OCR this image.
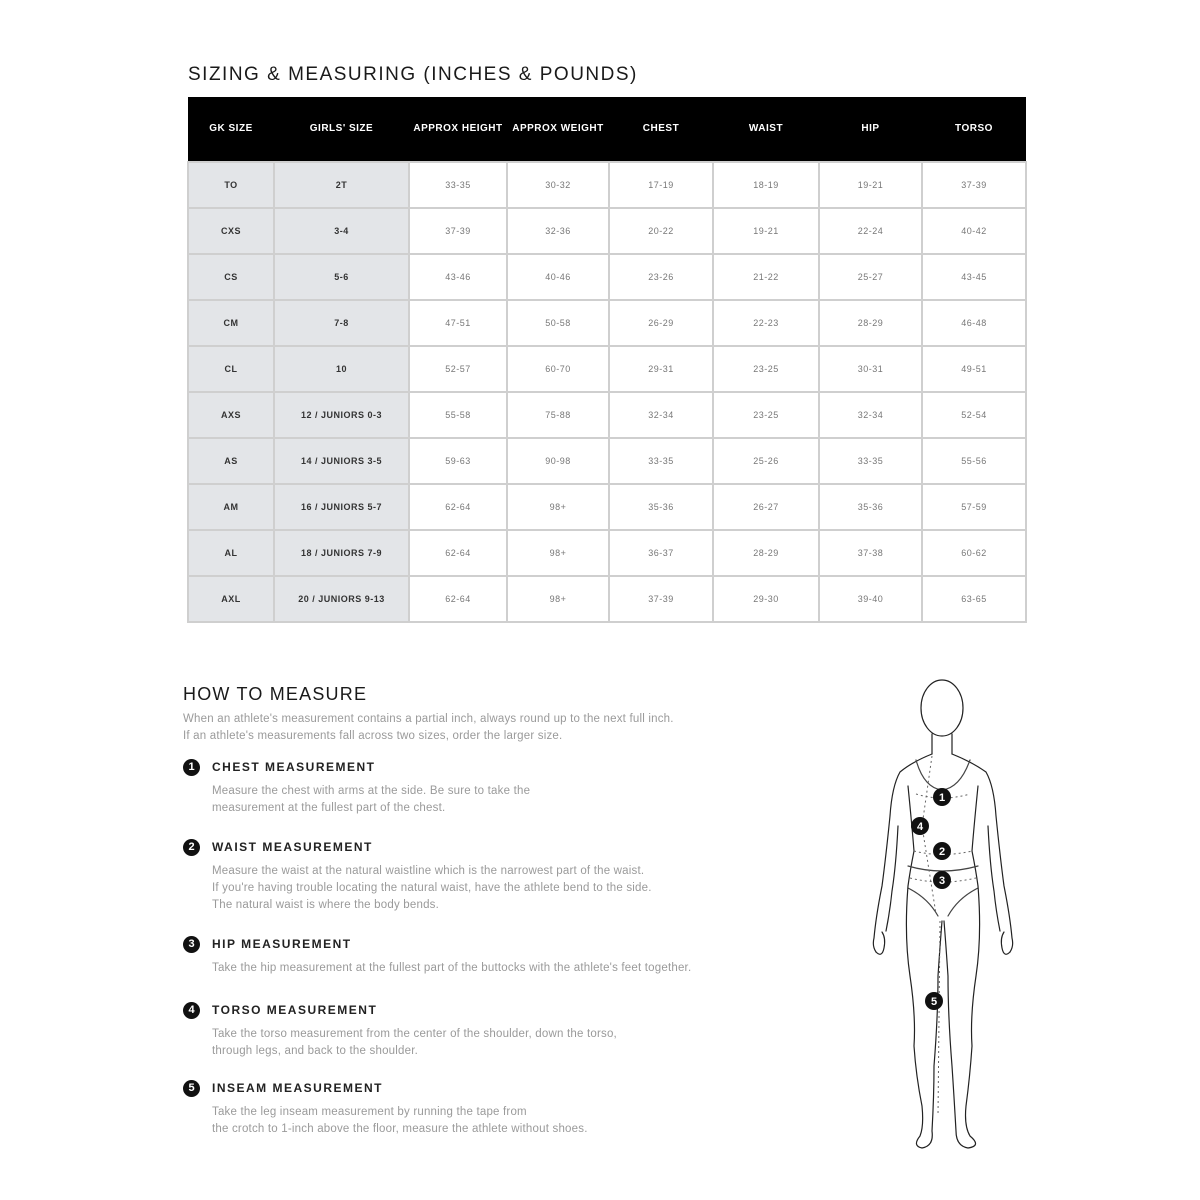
SIZING & MEASURING (INCHES & POUNDS)
GK SIZE	GIRLS' SIZE	APPROX HEIGHT	APPROX WEIGHT	CHEST	WAIST	HIP	TORSO
TO	2T	33-35	30-32	17-19	18-19	19-21	37-39
CXS	3-4	37-39	32-36	20-22	19-21	22-24	40-42
CS	5-6	43-46	40-46	23-26	21-22	25-27	43-45
CM	7-8	47-51	50-58	26-29	22-23	28-29	46-48
CL	10	52-57	60-70	29-31	23-25	30-31	49-51
AXS	12 / JUNIORS 0-3	55-58	75-88	32-34	23-25	32-34	52-54
AS	14 / JUNIORS 3-5	59-63	90-98	33-35	25-26	33-35	55-56
AM	16 / JUNIORS 5-7	62-64	98+	35-36	26-27	35-36	57-59
AL	18 / JUNIORS 7-9	62-64	98+	36-37	28-29	37-38	60-62
AXL	20 / JUNIORS 9-13	62-64	98+	37-39	29-30	39-40	63-65
HOW TO MEASURE
When an athlete's measurement contains a partial inch, always round up to the next full inch.
If an athlete's measurements fall across two sizes, order the larger size.
1	CHEST MEASUREMENT
Measure the chest with arms at the side. Be sure to take the
measurement at the fullest part of the chest.
2	WAIST MEASUREMENT
Measure the waist at the natural waistline which is the narrowest part of the waist.
If you're having trouble locating the natural waist, have the athlete bend to the side.
The natural waist is where the body bends.
3	HIP MEASUREMENT
Take the hip measurement at the fullest part of the buttocks with the athlete's feet together.
4	TORSO MEASUREMENT
Take the torso measurement from the center of the shoulder, down the torso,
through legs, and back to the shoulder.
5	INSEAM MEASUREMENT
Take the leg inseam measurement by running the tape from
the crotch to 1-inch above the floor, measure the athlete without shoes.
1
4
2
3
5
